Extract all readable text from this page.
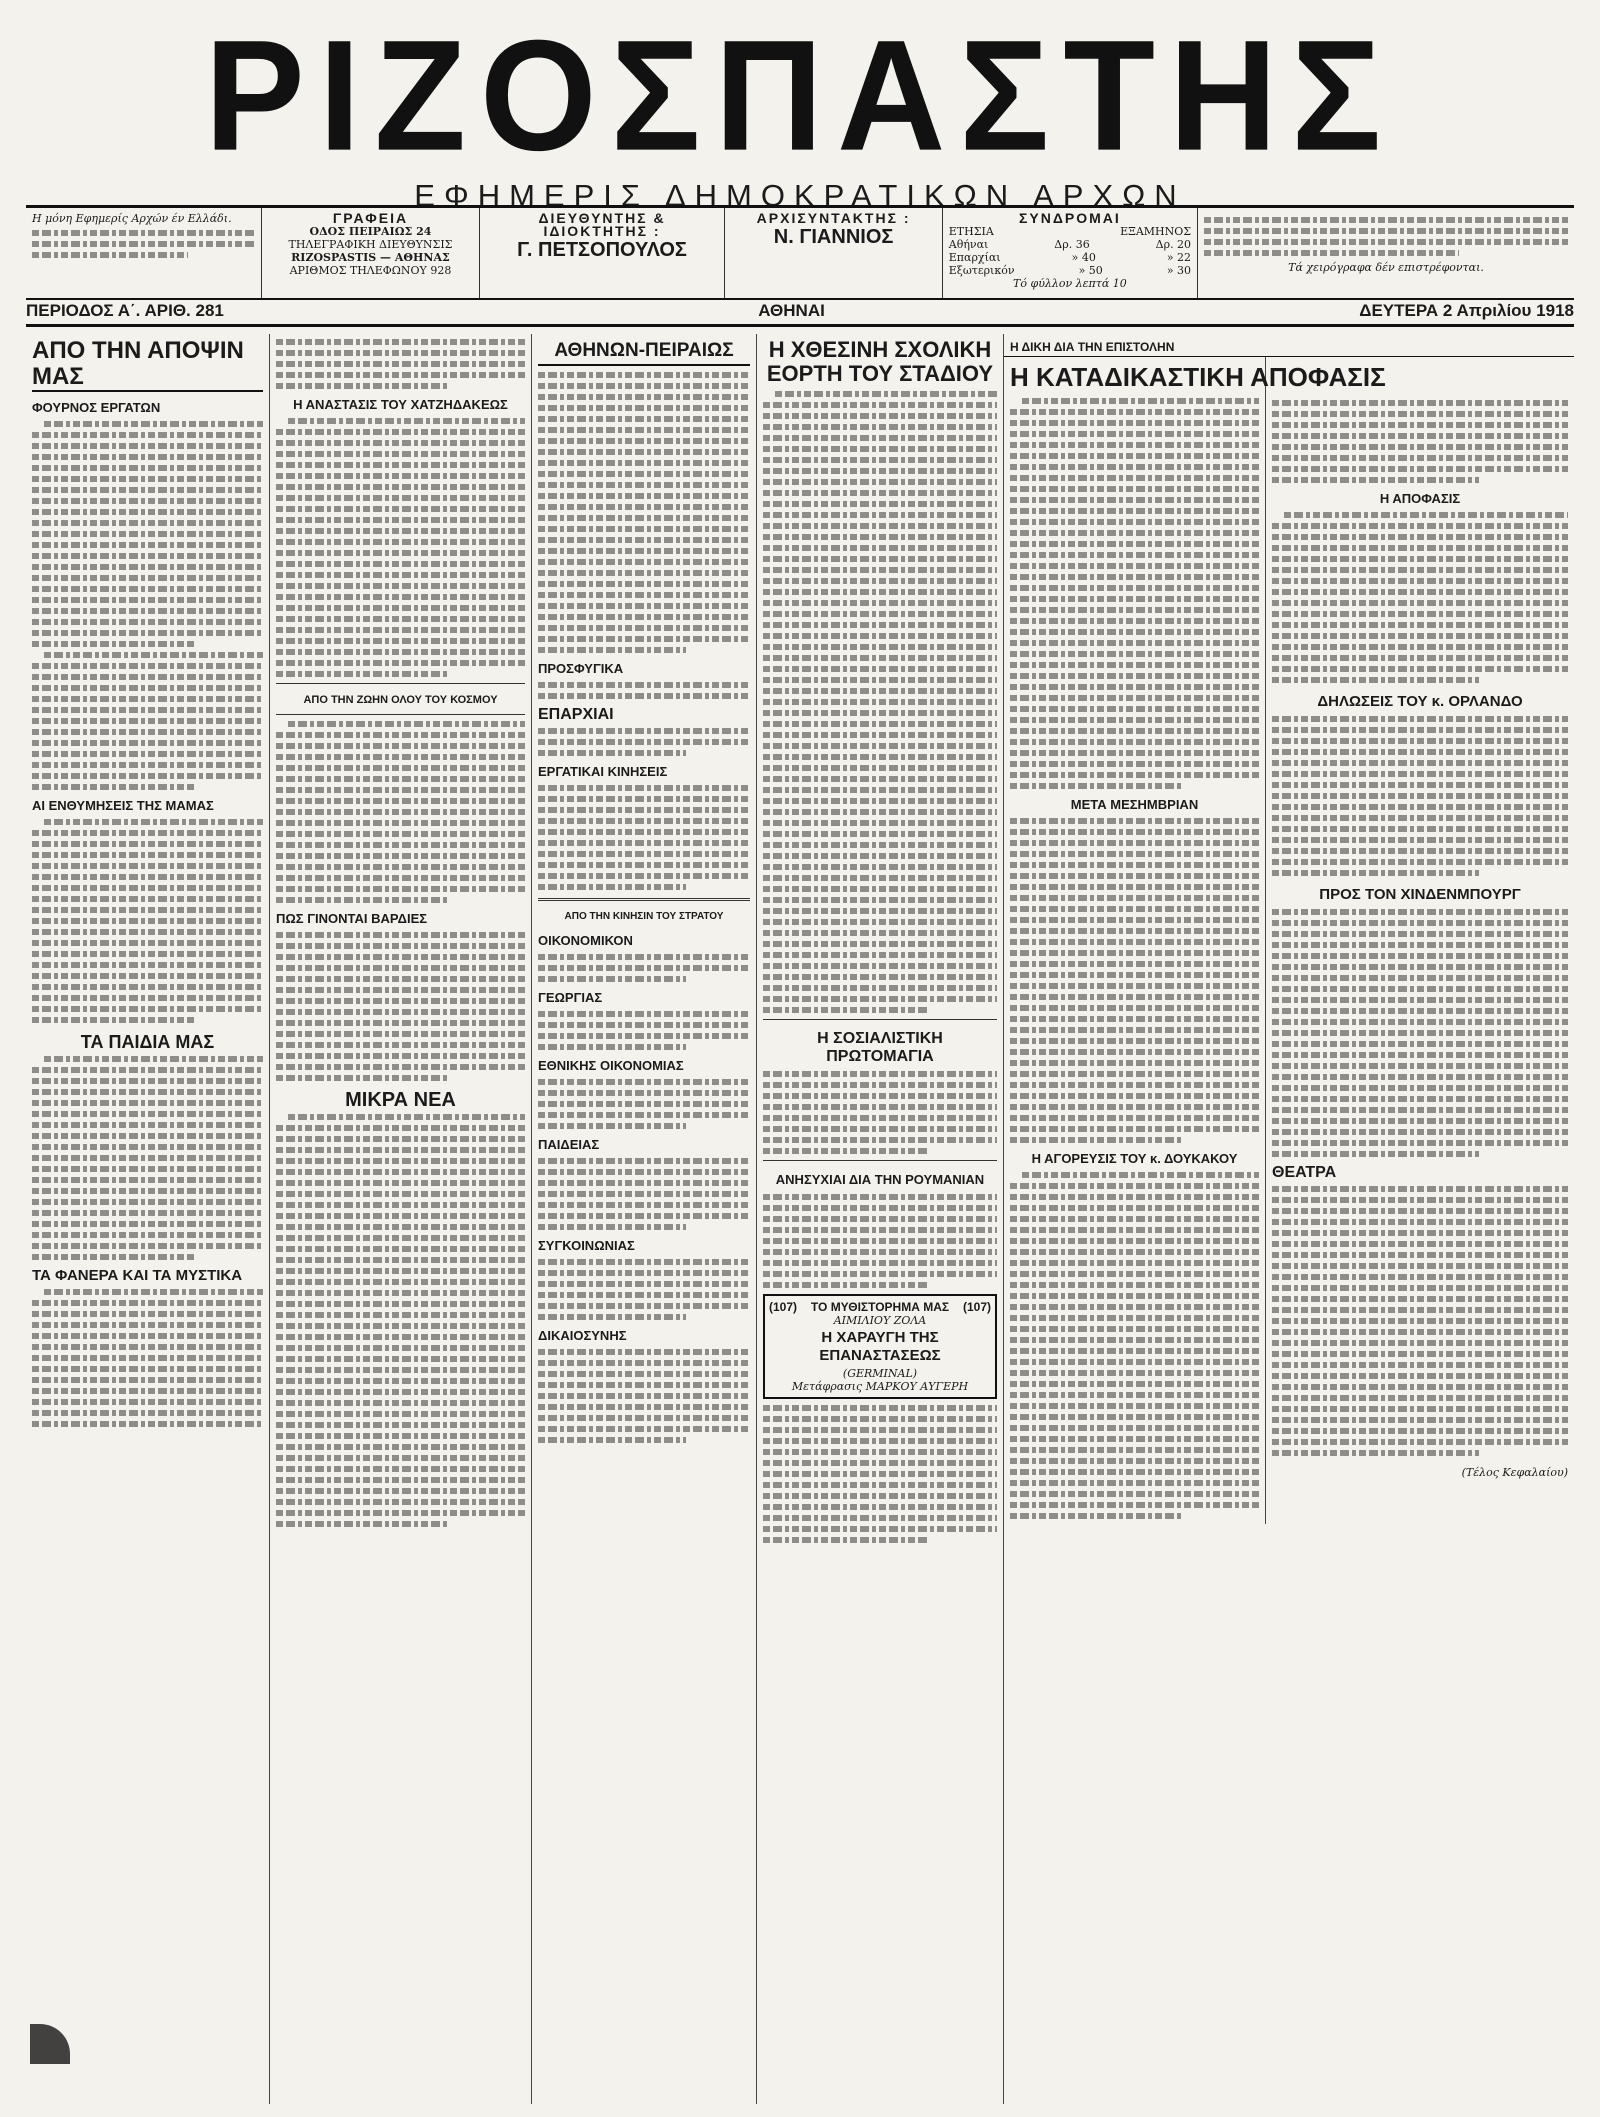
ΡΙΖΟΣΠΑΣΤΗΣ
ΕΦΗΜΕΡΙΣ ΔΗΜΟΚΡΑΤΙΚΩΝ ΑΡΧΩΝ
Η μόνη Εφημερίς Αρχών έν Ελλάδι.	ΓΡΑΦΕΙΑ
ΟΔΟΣ ΠΕΙΡΑΙΩΣ 24
ΤΗΛΕΓΡΑΦΙΚΗ ΔΙΕΥΘΥΝΣΙΣ
RIZOSPASTIS — ΑΘΗΝΑΣ
ΑΡΙΘΜΟΣ ΤΗΛΕΦΩΝΟΥ 928
ΔΙΕΥΘΥΝΤΗΣ & ΙΔΙΟΚΤΗΤΗΣ :
Γ. ΠΕΤΣΟΠΟΥΛΟΣ
ΑΡΧΙΣΥΝΤΑΚΤΗΣ :
Ν. ΓΙΑΝΝΙΟΣ
ΣΥΝΔΡΟΜΑΙ
ΕΤΗΣΙΑ	ΕΞΑΜΗΝΟΣ
Αθήναι	Δρ. 36	Δρ. 20
Επαρχίαι	» 40	» 22
Εξωτερικόν	» 50	» 30
Τό φύλλον λεπτά 10
Τά χειρόγραφα δέν επιστρέφονται.
ΠΕΡΙΟΔΟΣ Α΄. ΑΡΙΘ. 281	ΑΘΗΝΑΙ	ΔΕΥΤΕΡΑ 2 Απριλίου 1918
ΑΠΟ ΤΗΝ ΑΠΟΨΙΝ ΜΑΣ
ΦΟΥΡΝΟΣ ΕΡΓΑΤΩΝ
ΑΙ ΕΝΘΥΜΗΣΕΙΣ ΤΗΣ ΜΑΜΑΣ
ΤΑ ΠΑΙΔΙΑ ΜΑΣ
ΤΑ ΦΑΝΕΡΑ ΚΑΙ ΤΑ ΜΥΣΤΙΚΑ
Η ΑΝΑΣΤΑΣΙΣ ΤΟΥ ΧΑΤΖΗΔΑΚΕΩΣ
ΑΠΟ ΤΗΝ ΖΩΗΝ ΟΛΟΥ ΤΟΥ ΚΟΣΜΟΥ
ΠΩΣ ΓΙΝΟΝΤΑΙ ΒΑΡΔΙΕΣ
ΜΙΚΡΑ ΝΕΑ
ΑΘΗΝΩΝ-ΠΕΙΡΑΙΩΣ
ΠΡΟΣΦΥΓΙΚΑ
ΕΠΑΡΧΙΑΙ
ΕΡΓΑΤΙΚΑΙ ΚΙΝΗΣΕΙΣ
ΑΠΟ ΤΗΝ ΚΙΝΗΣΙΝ ΤΟΥ ΣΤΡΑΤΟΥ
ΟΙΚΟΝΟΜΙΚΟΝ
ΓΕΩΡΓΙΑΣ
ΕΘΝΙΚΗΣ ΟΙΚΟΝΟΜΙΑΣ
ΠΑΙΔΕΙΑΣ
ΣΥΓΚΟΙΝΩΝΙΑΣ
ΔΙΚΑΙΟΣΥΝΗΣ
Η ΧΘΕΣΙΝΗ ΣΧΟΛΙΚΗ ΕΟΡΤΗ ΤΟΥ ΣΤΑΔΙΟΥ
Η ΣΟΣΙΑΛΙΣΤΙΚΗ ΠΡΩΤΟΜΑΓΙΑ
ΑΝΗΣΥΧΙΑΙ ΔΙΑ ΤΗΝ ΡΟΥΜΑΝΙΑΝ
(107) ΤΟ ΜΥΘΙΣΤΟΡΗΜΑ ΜΑΣ (107)
ΑΙΜΙΛΙΟΥ ΖΟΛΑ
Η ΧΑΡΑΥΓΗ ΤΗΣ ΕΠΑΝΑΣΤΑΣΕΩΣ
(GERMINAL)
Μετάφρασις ΜΑΡΚΟΥ ΑΥΓΕΡΗ
Η ΔΙΚΗ ΔΙΑ ΤΗΝ ΕΠΙΣΤΟΛΗΝ
Η ΚΑΤΑΔΙΚΑΣΤΙΚΗ ΑΠΟΦΑΣΙΣ
ΜΕΤΑ ΜΕΣΗΜΒΡΙΑΝ
Η ΑΓΟΡΕΥΣΙΣ ΤΟΥ κ. ΔΟΥΚΑΚΟΥ
Η ΑΠΟΦΑΣΙΣ
ΔΗΛΩΣΕΙΣ ΤΟΥ κ. ΟΡΛΑΝΔΟ
ΠΡΟΣ ΤΟΝ ΧΙΝΔΕΝΜΠΟΥΡΓ
ΘΕΑΤΡΑ
(Τέλος Κεφαλαίου)
